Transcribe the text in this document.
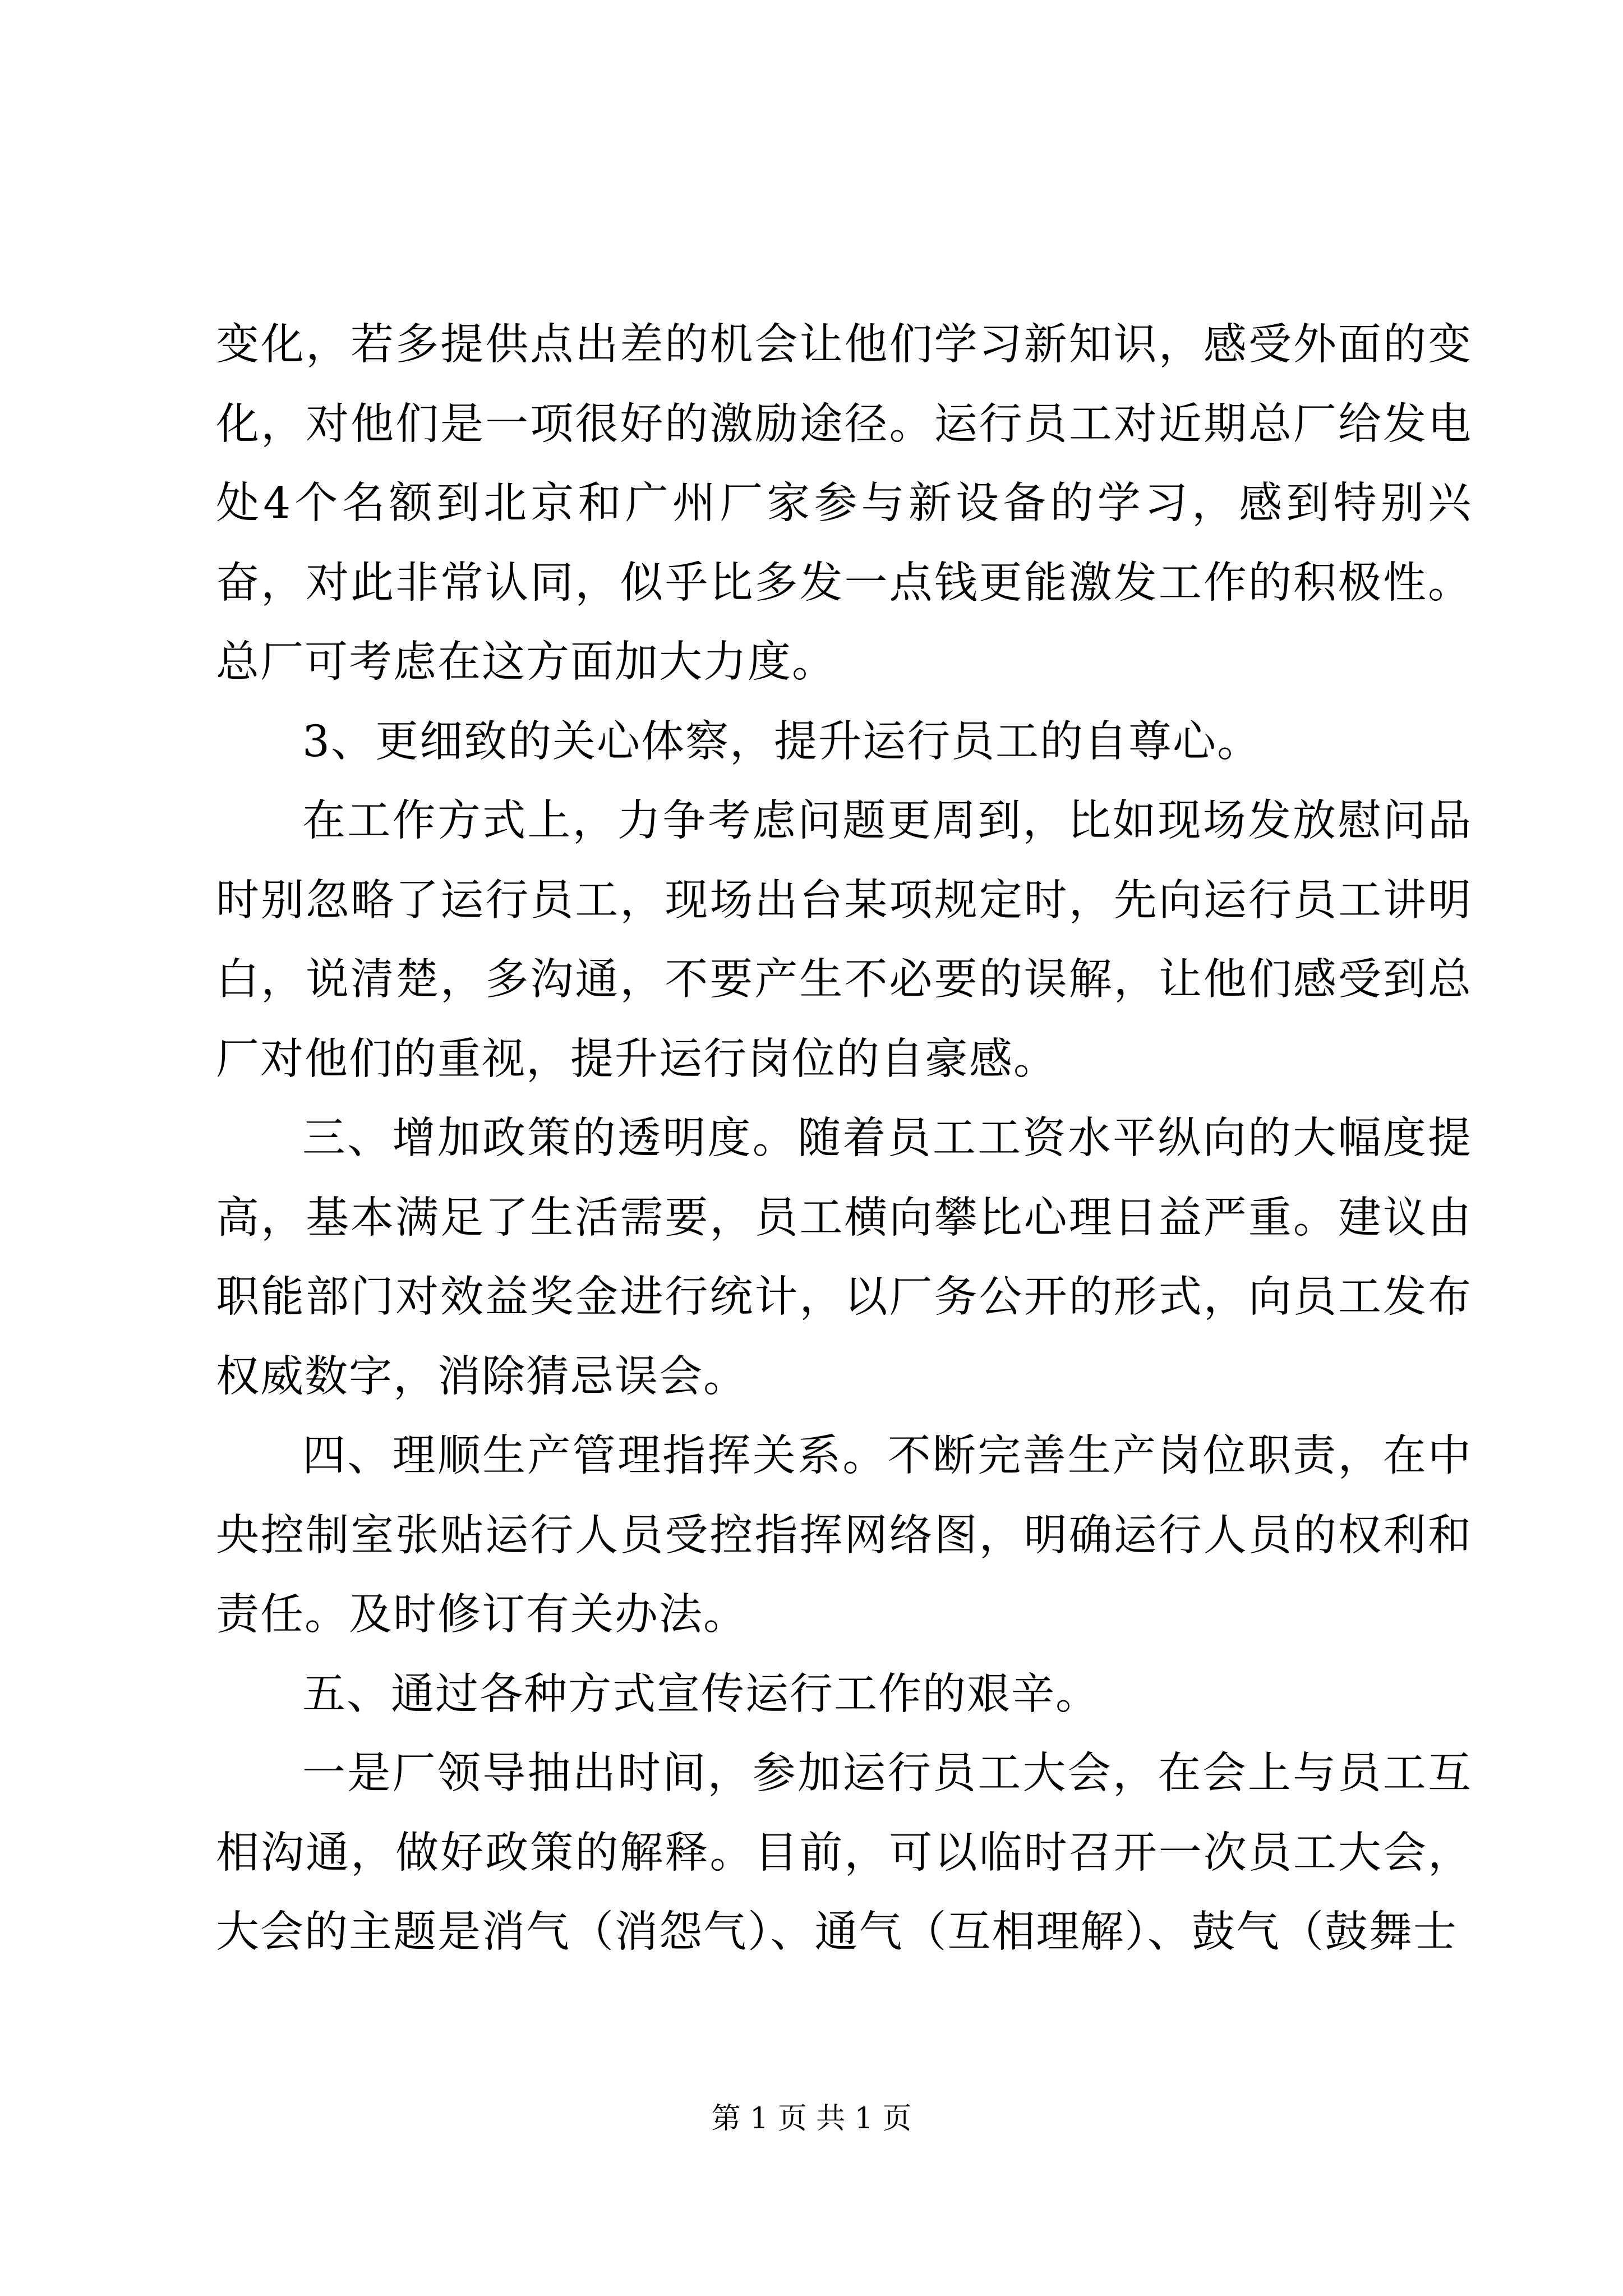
变化，若多提供点出差的机会让他们学习新知识，感受外面的变化，对他们是一项很好的激励途径。运行员工对近期总厂给发电处4个名额到北京和广州厂家参与新设备的学习，感到特别兴奋，对此非常认同，似乎比多发一点钱更能激发工作的积极性。总厂可考虑在这方面加大力度。

3、更细致的关心体察，提升运行员工的自尊心。

在工作方式上，力争考虑问题更周到，比如现场发放慰问品时别忽略了运行员工，现场出台某项规定时，先向运行员工讲明白，说清楚，多沟通，不要产生不必要的误解，让他们感受到总厂对他们的重视，提升运行岗位的自豪感。

三、增加政策的透明度。随着员工工资水平纵向的大幅度提高，基本满足了生活需要，员工横向攀比心理日益严重。建议由职能部门对效益奖金进行统计，以厂务公开的形式，向员工发布权威数字，消除猜忌误会。

四、理顺生产管理指挥关系。不断完善生产岗位职责，在中央控制室张贴运行人员受控指挥网络图，明确运行人员的权利和责任。及时修订有关办法。

五、通过各种方式宣传运行工作的艰辛。

一是厂领导抽出时间，参加运行员工大会，在会上与员工互相沟通，做好政策的解释。目前，可以临时召开一次员工大会，大会的主题是消气（消怨气）、通气（互相理解）、鼓气（鼓舞士

第 1 页 共 1 页
